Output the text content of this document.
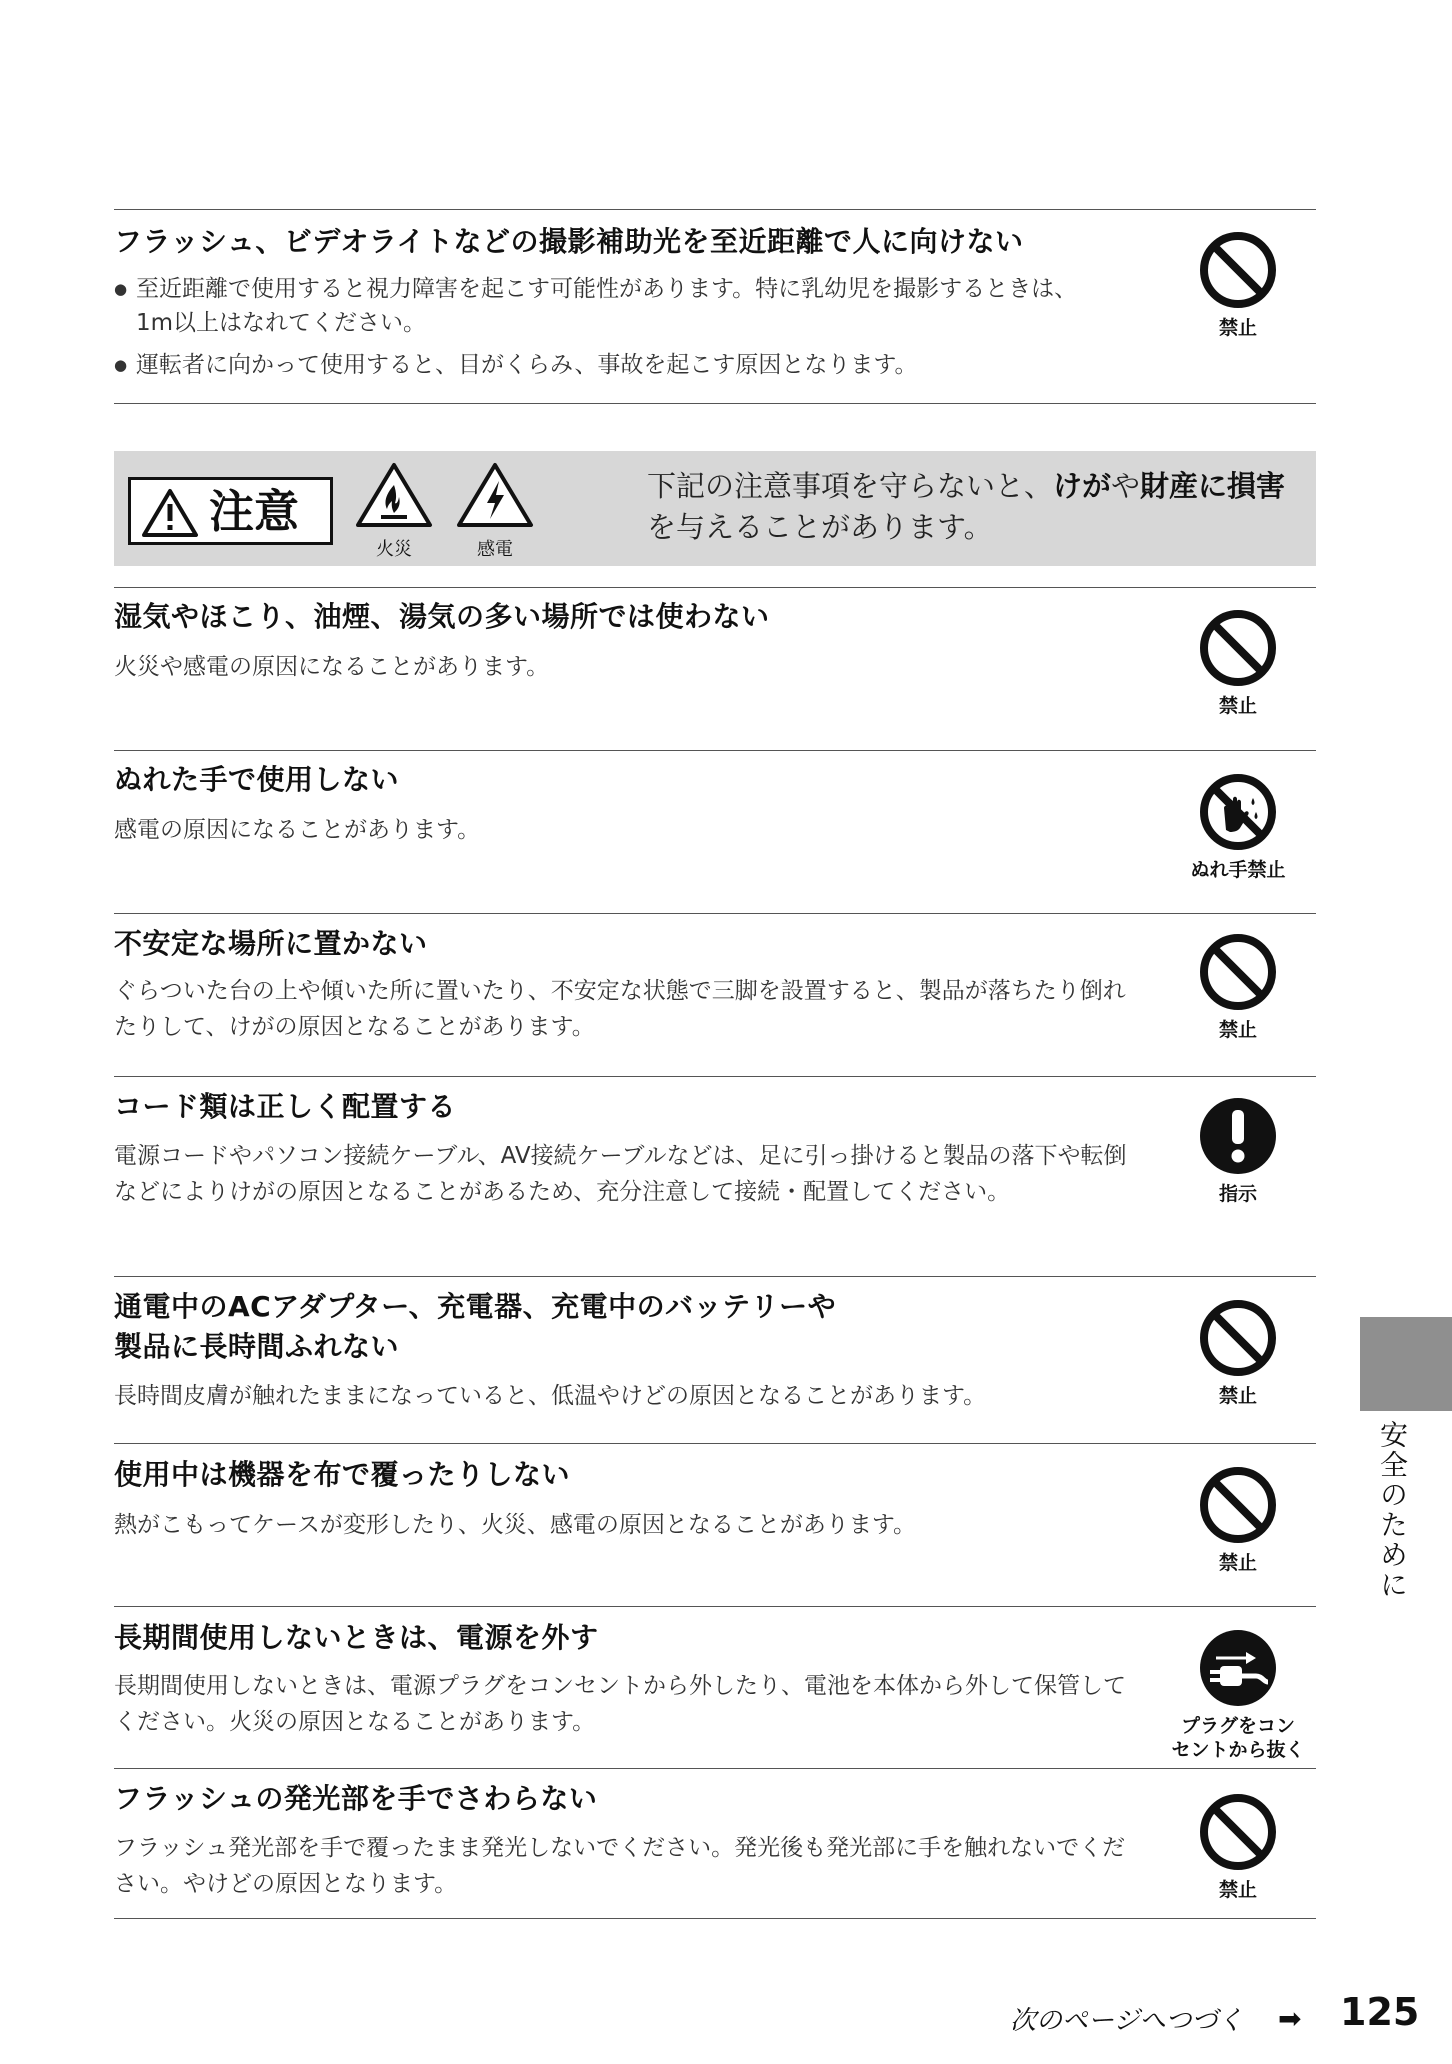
フラッシュ、ビデオライトなどの撮影補助光を至近距離で人に向けない
● 至近距離で使用すると視力障害を起こす可能性があります。特に乳幼児を撮影するときは、1m以上はなれてください。
● 運転者に向かって使用すると、目がくらみ、事故を起こす原因となります。
禁止
注意
火災	感電
下記の注意事項を守らないと、けがや財産に損害を与えることがあります。
湿気やほこり、油煙、湯気の多い場所では使わない
火災や感電の原因になることがあります。
禁止
ぬれた手で使用しない
感電の原因になることがあります。
ぬれ手禁止
不安定な場所に置かない
ぐらついた台の上や傾いた所に置いたり、不安定な状態で三脚を設置すると、製品が落ちたり倒れたりして、けがの原因となることがあります。	禁止
コード類は正しく配置する
電源コードやパソコン接続ケーブル、AV接続ケーブルなどは、足に引っ掛けると製品の落下や転倒などによりけがの原因となることがあるため、充分注意して接続・配置してください。	指示
通電中のACアダプター、充電器、充電中のバッテリーや
製品に長時間ふれない
長時間皮膚が触れたままになっていると、低温やけどの原因となることがあります。	禁止
使用中は機器を布で覆ったりしない
熱がこもってケースが変形したり、火災、感電の原因となることがあります。
禁止
長期間使用しないときは、電源を外す
長期間使用しないときは、電源プラグをコンセントから外したり、電池を本体から外して保管してください。火災の原因となることがあります。	プラグをコン
セントから抜く
フラッシュの発光部を手でさわらない
フラッシュ発光部を手で覆ったまま発光しないでください。発光後も発光部に手を触れないでください。やけどの原因となります。	禁止
安全のために
次のページへつづく ➡ 125
